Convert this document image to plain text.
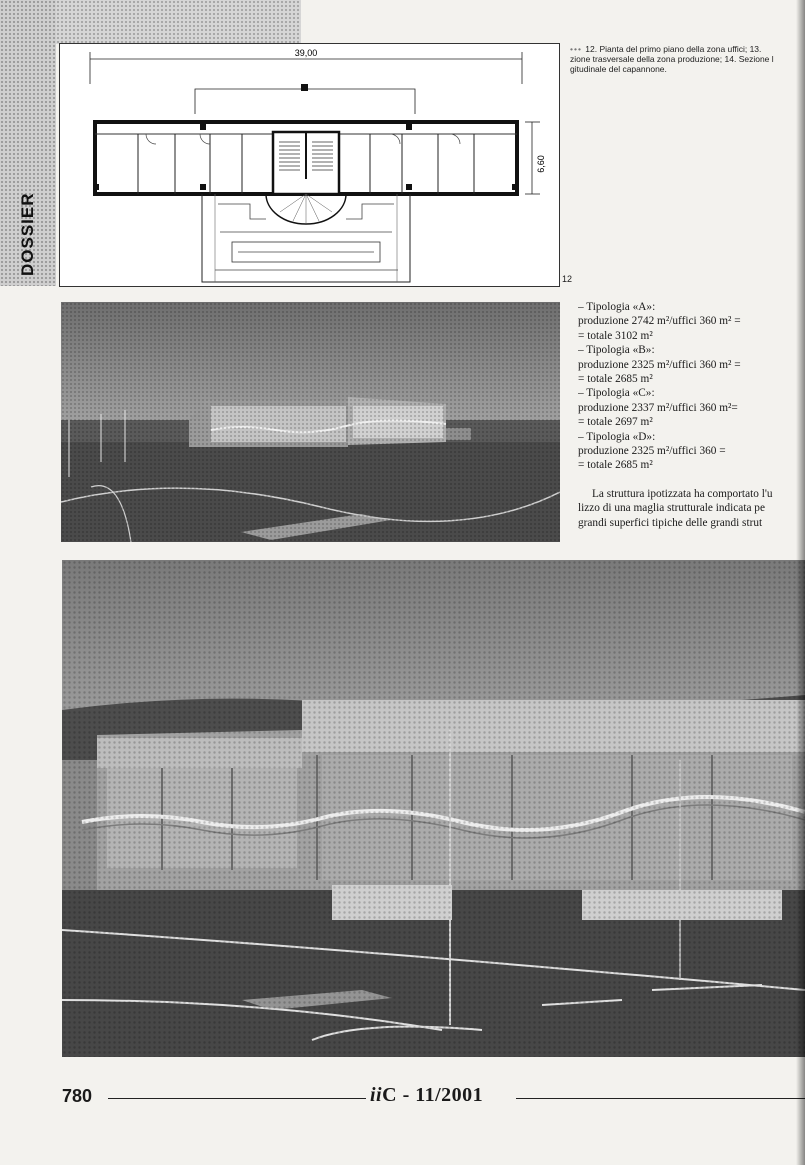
DOSSIER
39,00
6,60
12
••• 12. Pianta del primo piano della zona uffici; 13.
zione trasversale della zona produzione; 14. Sezione l
gitudinale del capannone.
– Tipologia «A»:
produzione 2742 m²/uffici 360 m² =
= totale 3102 m²
– Tipologia «B»:
produzione 2325 m²/uffici 360 m² =
= totale 2685 m²
– Tipologia «C»:
produzione 2337 m²/uffici 360 m²=
= totale 2697 m²
– Tipologia «D»:
produzione 2325 m²/uffici 360 =
= totale 2685 m²
La struttura ipotizzata ha comportato l'u
lizzo di una maglia strutturale indicata pe
grandi superfici tipiche delle grandi strut
780	iiC - 11/2001
